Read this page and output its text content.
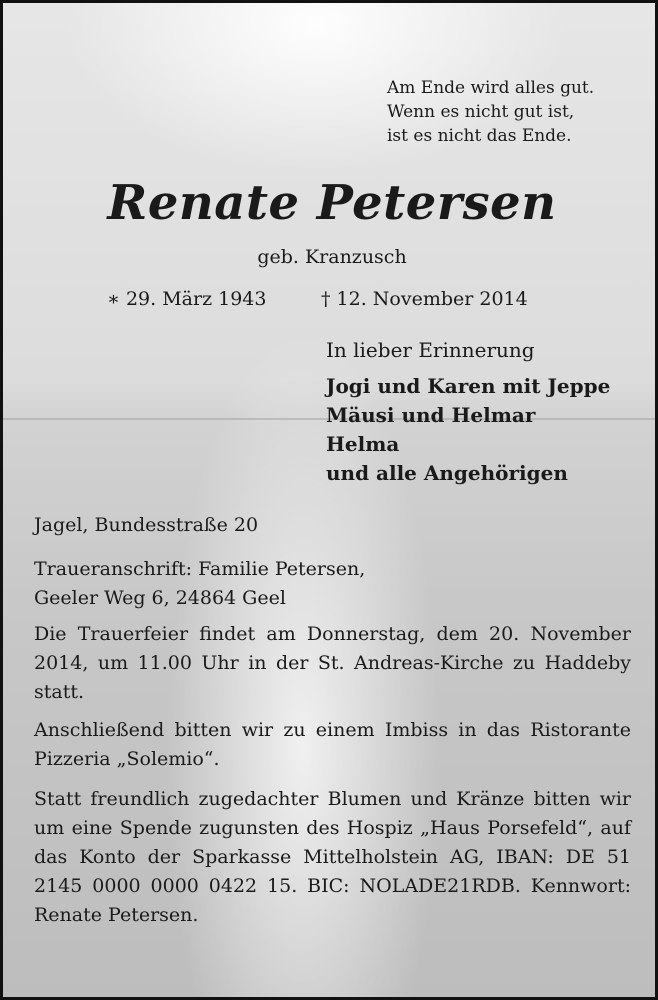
Am Ende wird alles gut.
Wenn es nicht gut ist,
ist es nicht das Ende.
Renate Petersen
geb. Kranzusch
∗ 29. März 1943	† 12. November 2014
In lieber Erinnerung
Jogi und Karen mit Jeppe
Mäusi und Helmar
Helma
und alle Angehörigen
Jagel, Bundesstraße 20
Traueranschrift: Familie Petersen,
Geeler Weg 6, 24864 Geel
Die Trauerfeier findet am Donnerstag, dem 20. November 2014, um 11.00 Uhr in der St. Andreas-Kirche zu Haddeby statt.
Anschließend bitten wir zu einem Imbiss in das Ristorante Pizzeria „Solemio“.
Statt freundlich zugedachter Blumen und Kränze bitten wir um eine Spende zugunsten des Hospiz „Haus Porsefeld“, auf das Konto der Sparkasse Mittelholstein AG, IBAN: DE 51 2145 0000 0000 0422 15. BIC: NOLADE21RDB. Kennwort: Renate Petersen.
